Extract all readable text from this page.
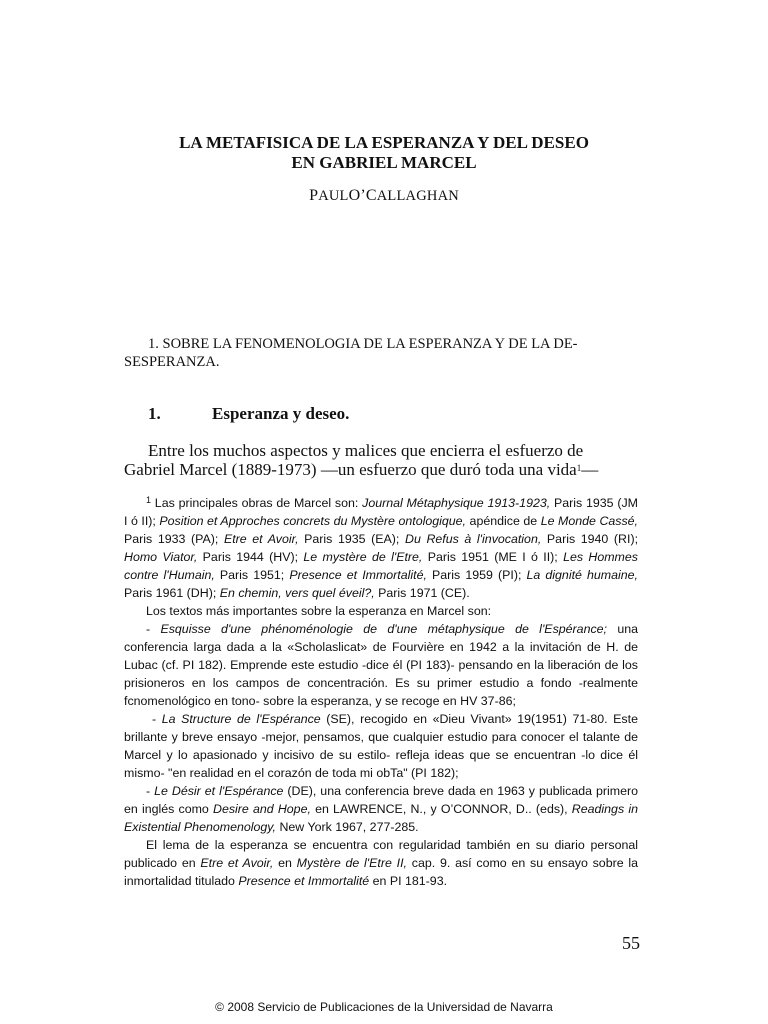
LA METAFISICA DE LA ESPERANZA Y DEL DESEO
EN GABRIEL MARCEL
PAULO’CALLAGHAN
1. SOBRE LA FENOMENOLOGIA DE LA ESPERANZA Y DE LA DE-
SESPERANZA.
1.	Esperanza y deseo.
Entre los muchos aspectos y malices que encierra el esfuerzo de
Gabriel Marcel (1889-1973) —un esfuerzo que duró toda una vida$^1$—

$^1$ Las principales obras de Marcel son: Journal Métaphysique 1913-1923, Paris 1935 (JM I ó II); Position et Approches concrets du Mystère ontologique, apéndice de Le Monde Cassé, Paris 1933 (PA); Etre et Avoir, Paris 1935 (EA); Du Refus à l'invocation, Paris 1940 (RI); Homo Viator, Paris 1944 (HV); Le mystère de l'Etre, Paris 1951 (ME I ó II); Les Hommes contre l'Humain, Paris 1951; Presence et Immortalité, Paris 1959 (PI); La dignité humaine, Paris 1961 (DH); En chemin, vers quel éveil?, Paris 1971 (CE).

Los textos más importantes sobre la esperanza en Marcel son:

- Esquisse d'une phénoménologie de d'une métaphysique de l'Espérance; una conferencia larga dada a la «Scholaslicat» de Fourvière en 1942 a la invitación de H. de Lubac (cf. PI 182). Emprende este estudio -dice él (PI 183)- pensando en la liberación de los prisioneros en los campos de concentración. Es su primer estudio a fondo -realmente fcnomenológico en tono- sobre la esperanza, y se recoge en HV 37-86;

- La Structure de l'Espérance (SE), recogido en «Dieu Vivant» 19(1951) 71-80. Este brillante y breve ensayo -mejor, pensamos, que cualquier estudio para conocer el talante de Marcel y lo apasionado y incisivo de su estilo- refleja ideas que se encuentran -lo dice él mismo- "en realidad en el corazón de toda mi obTa" (PI 182);

- Le Désir et l'Espérance (DE), una conferencia breve dada en 1963 y publicada primero en inglés como Desire and Hope, en LAWRENCE, N., y O’CONNOR, D.. (eds), Readings in Existential Phenomenology, New York 1967, 277-285.

El lema de la esperanza se encuentra con regularidad también en su diario personal publicado en Etre et Avoir, en Mystère de l'Etre II, cap. 9. así como en su ensayo sobre la inmortalidad titulado Presence et Immortalité en PI 181-93.

55
© 2008 Servicio de Publicaciones de la Universidad de Navarra
